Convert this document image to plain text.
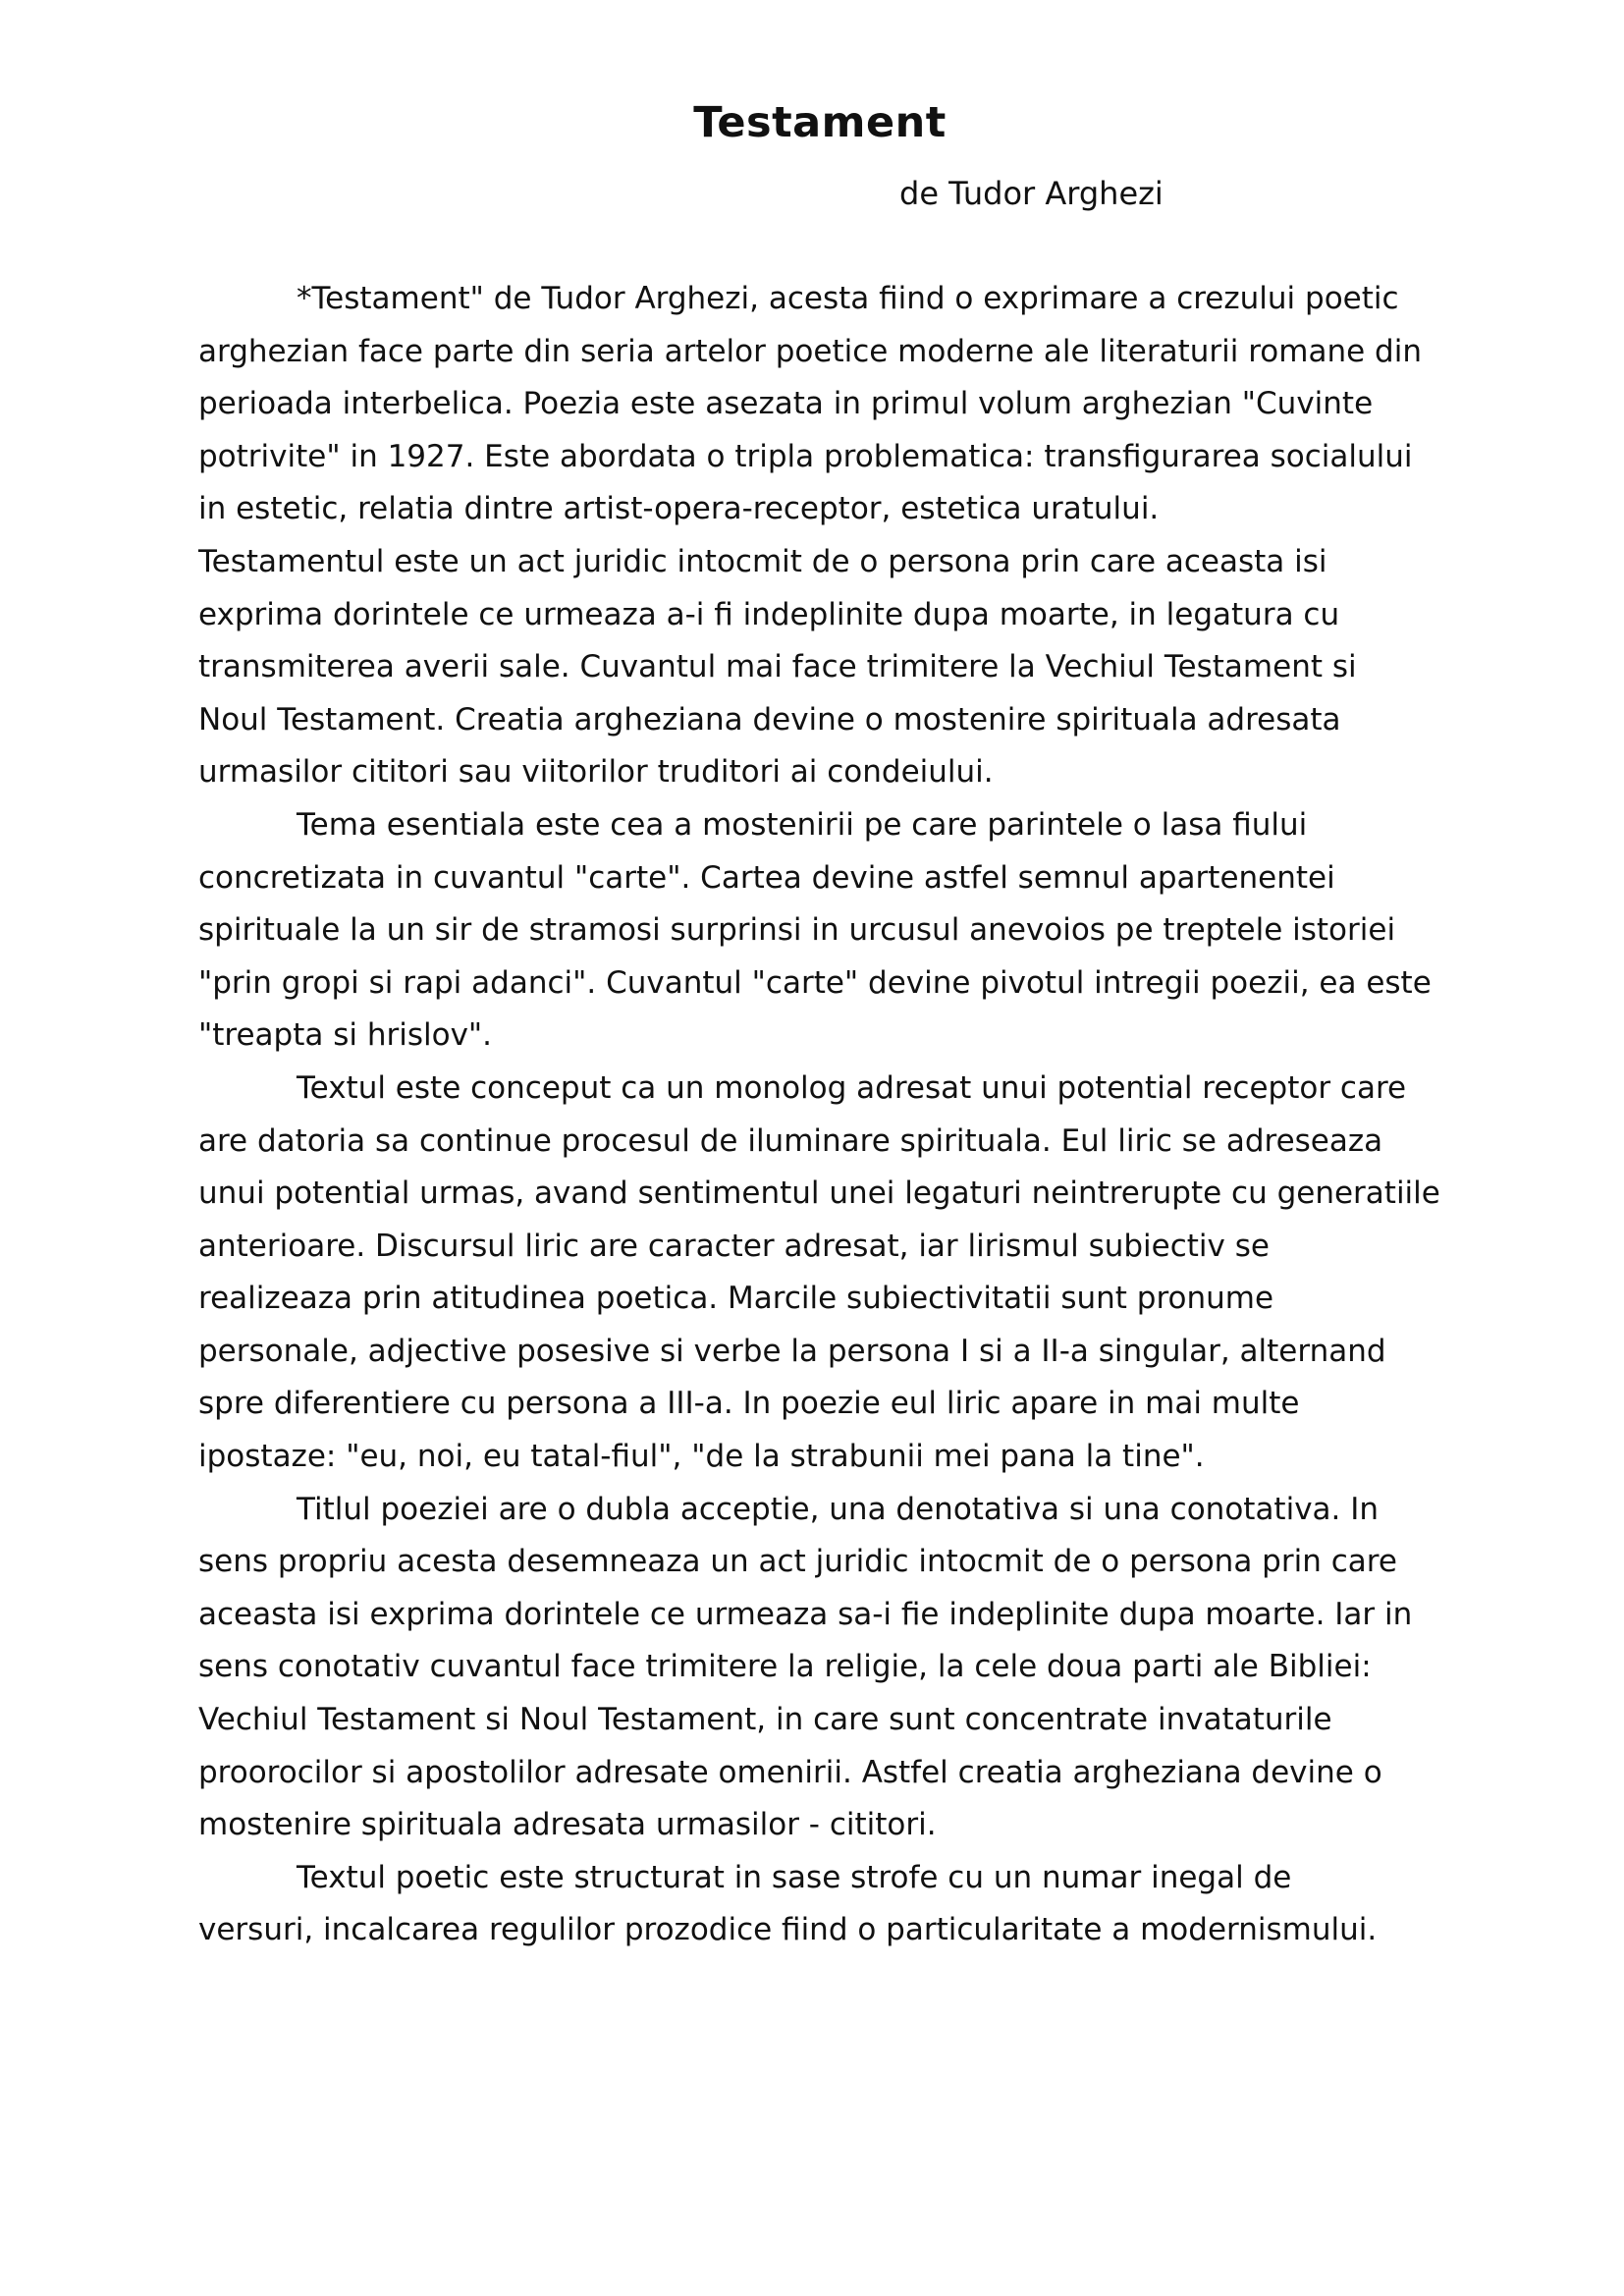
Testament
de Tudor Arghezi
*Testament" de Tudor Arghezi, acesta fiind o exprimare a crezului poetic
arghezian face parte din seria artelor poetice moderne ale literaturii romane din
perioada interbelica. Poezia este asezata in primul volum arghezian "Cuvinte
potrivite" in 1927. Este abordata o tripla problematica: transfigurarea socialului
in estetic, relatia dintre artist-opera-receptor, estetica uratului.
Testamentul este un act juridic intocmit de o persona prin care aceasta isi
exprima dorintele ce urmeaza a-i fi indeplinite dupa moarte, in legatura cu
transmiterea averii sale. Cuvantul mai face trimitere la Vechiul Testament si
Noul Testament. Creatia argheziana devine o mostenire spirituala adresata
urmasilor cititori sau viitorilor truditori ai condeiului.
Tema esentiala este cea a mostenirii pe care parintele o lasa fiului
concretizata in cuvantul "carte". Cartea devine astfel semnul apartenentei
spirituale la un sir de stramosi surprinsi in urcusul anevoios pe treptele istoriei
"prin gropi si rapi adanci". Cuvantul "carte" devine pivotul intregii poezii, ea este
"treapta si hrislov".
Textul este conceput ca un monolog adresat unui potential receptor care
are datoria sa continue procesul de iluminare spirituala. Eul liric se adreseaza
unui potential urmas, avand sentimentul unei legaturi neintrerupte cu generatiile
anterioare. Discursul liric are caracter adresat, iar lirismul subiectiv se
realizeaza prin atitudinea poetica. Marcile subiectivitatii sunt pronume
personale, adjective posesive si verbe la persona I si a II-a singular, alternand
spre diferentiere cu persona a III-a. In poezie eul liric apare in mai multe
ipostaze: "eu, noi, eu tatal-fiul", "de la strabunii mei pana la tine".
Titlul poeziei are o dubla acceptie, una denotativa si una conotativa. In
sens propriu acesta desemneaza un act juridic intocmit de o persona prin care
aceasta isi exprima dorintele ce urmeaza sa-i fie indeplinite dupa moarte. Iar in
sens conotativ cuvantul face trimitere la religie, la cele doua parti ale Bibliei:
Vechiul Testament si Noul Testament, in care sunt concentrate invataturile
proorocilor si apostolilor adresate omenirii. Astfel creatia argheziana devine o
mostenire spirituala adresata urmasilor - cititori.
Textul poetic este structurat in sase strofe cu un numar inegal de
versuri, incalcarea regulilor prozodice fiind o particularitate a modernismului.
